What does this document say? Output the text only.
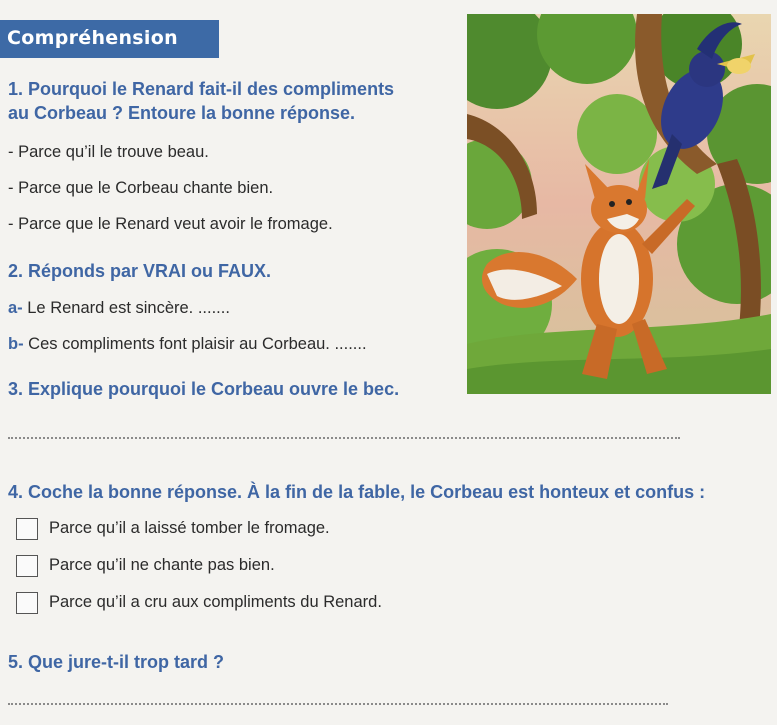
Compréhension
1. Pourquoi le Renard fait-il des compliments
au Corbeau ? Entoure la bonne réponse.
- Parce qu’il le trouve beau.
- Parce que le Corbeau chante bien.
- Parce que le Renard veut avoir le fromage.
2. Réponds par VRAI ou FAUX.
a- Le Renard est sincère. .......
b- Ces compliments font plaisir au Corbeau. .......
3. Explique pourquoi le Corbeau ouvre le bec.
4. Coche la bonne réponse. À la fin de la fable, le Corbeau est honteux et confus :
Parce qu’il a laissé tomber le fromage.
Parce qu’il ne chante pas bien.
Parce qu’il a cru aux compliments du Renard.
5. Que jure-t-il trop tard ?
